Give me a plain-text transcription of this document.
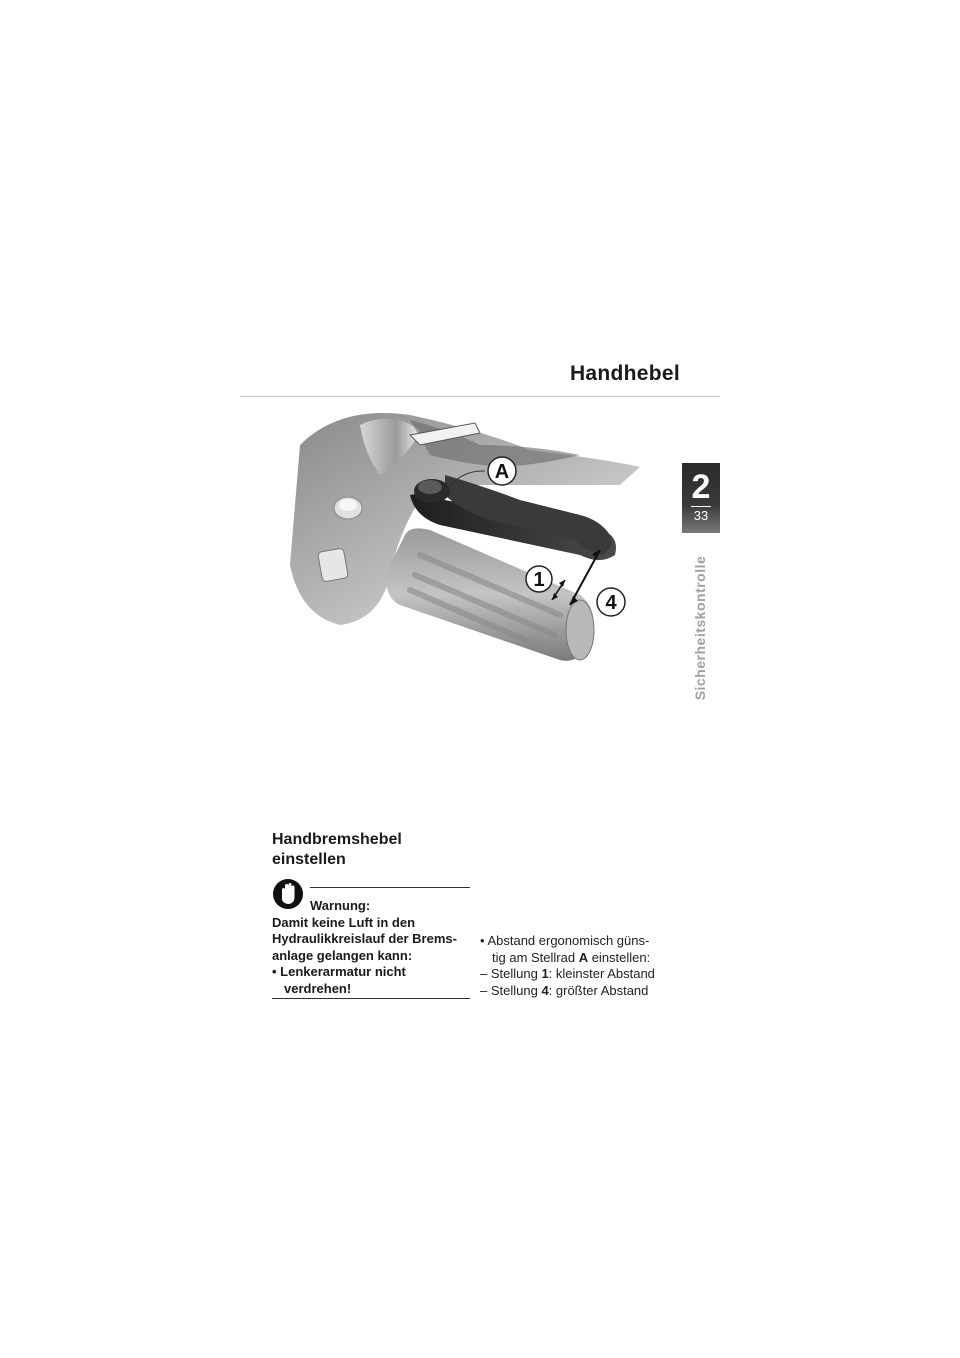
Handhebel
A
1
4
2
33
Sicherheitskontrolle
Handbremshebel
einstellen
Warnung:
Damit keine Luft in den
Hydraulikkreislauf der Brems-
anlage gelangen kann:
• Lenkerarmatur nicht
verdrehen!
• Abstand ergonomisch güns-
tig am Stellrad A einstellen:
– Stellung 1: kleinster Abstand
– Stellung 4: größter Abstand
